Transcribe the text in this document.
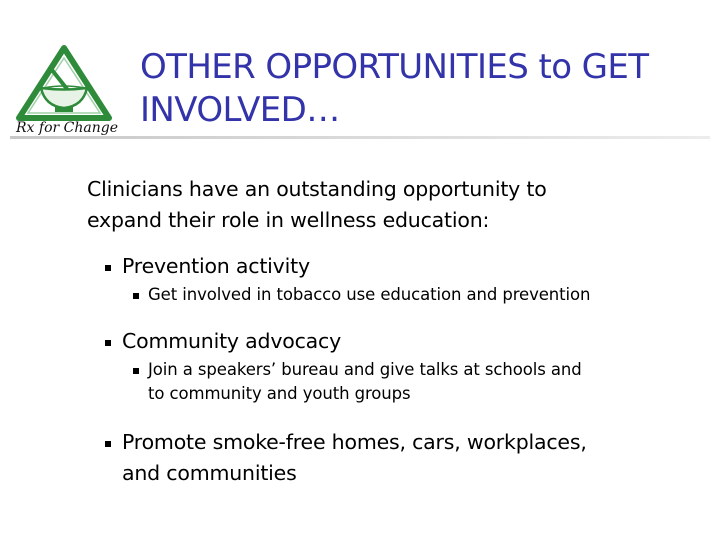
Rx for Change
OTHER OPPORTUNITIES to GET
INVOLVED…
Clinicians have an outstanding opportunity to
expand their role in wellness education:
Prevention activity
Get involved in tobacco use education and prevention
Community advocacy
Join a speakers’ bureau and give talks at schools and
to community and youth groups
Promote smoke-free homes, cars, workplaces,
and communities
